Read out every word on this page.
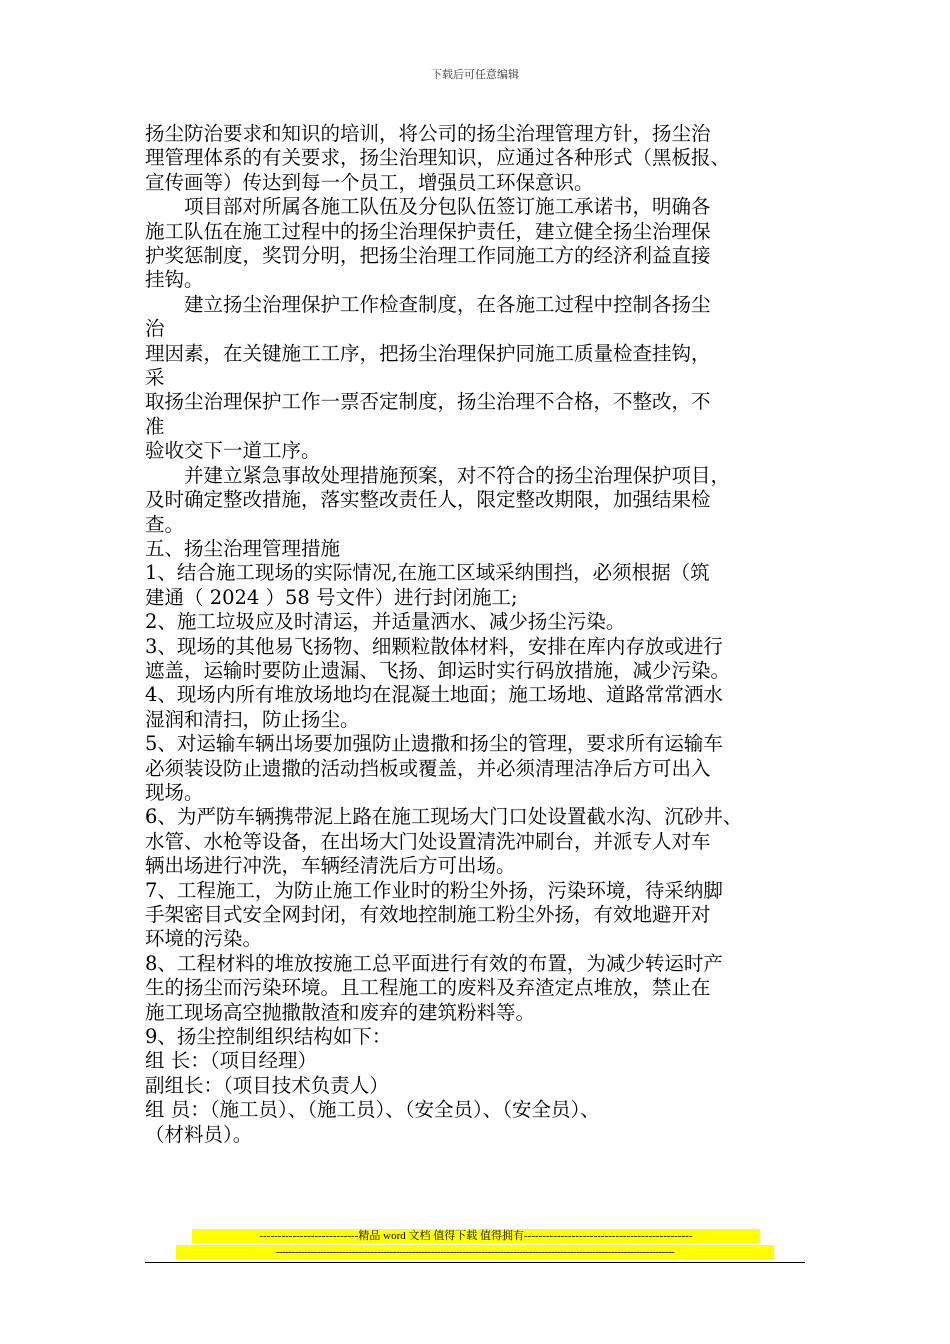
下载后可任意编辑

扬尘防治要求和知识的培训，将公司的扬尘治理管理方针，扬尘治

理管理体系的有关要求，扬尘治理知识，应通过各种形式（黑板报、

宣传画等）传达到每一个员工，增强员工环保意识。

项目部对所属各施工队伍及分包队伍签订施工承诺书，明确各

施工队伍在施工过程中的扬尘治理保护责任，建立健全扬尘治理保

护奖惩制度，奖罚分明，把扬尘治理工作同施工方的经济利益直接

挂钩。

建立扬尘治理保护工作检查制度，在各施工过程中控制各扬尘

治

理因素，在关键施工工序，把扬尘治理保护同施工质量检查挂钩，

采

取扬尘治理保护工作一票否定制度，扬尘治理不合格，不整改，不

准

验收交下一道工序。

并建立紧急事故处理措施预案，对不符合的扬尘治理保护项目，

及时确定整改措施，落实整改责任人，限定整改期限，加强结果检

查。

五、扬尘治理管理措施

1、结合施工现场的实际情况,在施工区域采纳围挡，必须根据（筑

建通（ 2024 ）58 号文件）进行封闭施工;

2、施工垃圾应及时清运，并适量洒水、减少扬尘污染。

3、现场的其他易飞扬物、细颗粒散体材料，安排在库内存放或进行

遮盖，运输时要防止遗漏、飞扬、卸运时实行码放措施，减少污染。

4、现场内所有堆放场地均在混凝土地面；施工场地、道路常常洒水

湿润和清扫，防止扬尘。

5、对运输车辆出场要加强防止遗撒和扬尘的管理，要求所有运输车

必须装设防止遗撒的活动挡板或覆盖，并必须清理洁净后方可出入

现场。

6、为严防车辆携带泥上路在施工现场大门口处设置截水沟、沉砂井、

水管、水枪等设备，在出场大门处设置清洗冲刷台，并派专人对车

辆出场进行冲洗，车辆经清洗后方可出场。

7、工程施工，为防止施工作业时的粉尘外扬，污染环境，待采纳脚

手架密目式安全网封闭，有效地控制施工粉尘外扬，有效地避开对

环境的污染。

8、工程材料的堆放按施工总平面进行有效的布置，为减少转运时产

生的扬尘而污染环境。且工程施工的废料及弃渣定点堆放，禁止在

施工现场高空抛撒散渣和废弃的建筑粉料等。

9、扬尘控制组织结构如下：

组 长：（项目经理）

副组长：（项目技术负责人）

组 员：（施工员）、（施工员）、（安全员）、（安全员）、

（材料员）。

---------------------------精品 word 文档 值得下载 值得拥有----------------------------------------------
------------------------------------------------------------------------------------------------------------------------------
